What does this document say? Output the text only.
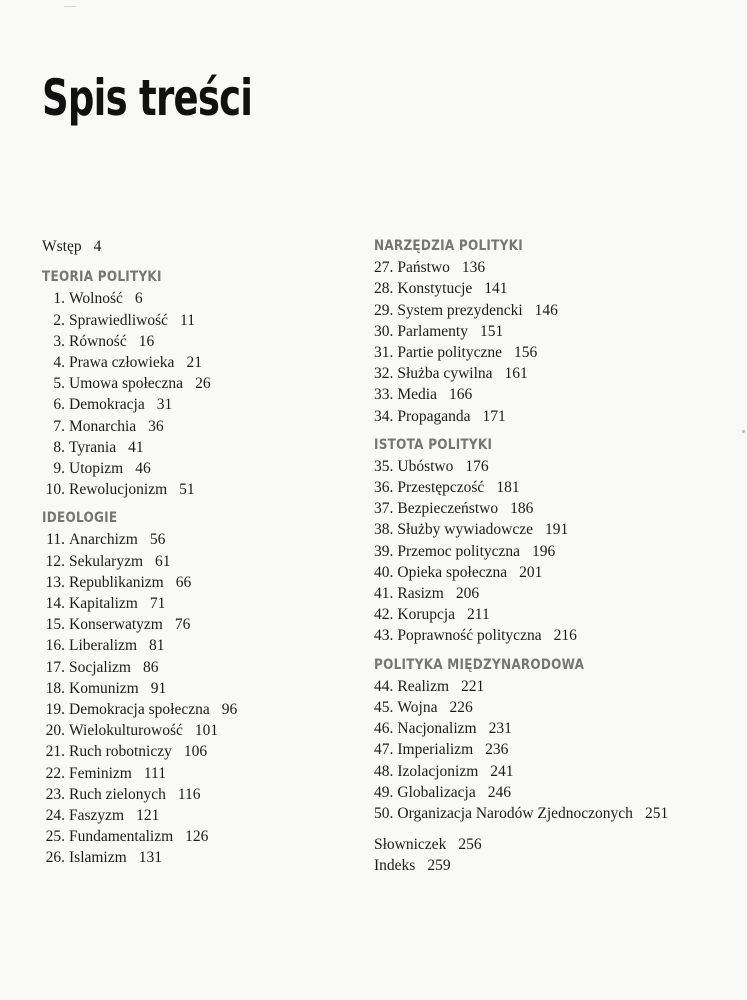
Spis treści
Wstęp 4
TEORIA POLITYKI
1. Wolność 6
2. Sprawiedliwość 11
3. Równość 16
4. Prawa człowieka 21
5. Umowa społeczna 26
6. Demokracja 31
7. Monarchia 36
8. Tyrania 41
9. Utopizm 46
10. Rewolucjonizm 51
IDEOLOGIE
11. Anarchizm 56
12. Sekularyzm 61
13. Republikanizm 66
14. Kapitalizm 71
15. Konserwatyzm 76
16. Liberalizm 81
17. Socjalizm 86
18. Komunizm 91
19. Demokracja społeczna 96
20. Wielokulturowość 101
21. Ruch robotniczy 106
22. Feminizm 111
23. Ruch zielonych 116
24. Faszyzm 121
25. Fundamentalizm 126
26. Islamizm 131
NARZĘDZIA POLITYKI
27. Państwo 136
28. Konstytucje 141
29. System prezydencki 146
30. Parlamenty 151
31. Partie polityczne 156
32. Służba cywilna 161
33. Media 166
34. Propaganda 171
ISTOTA POLITYKI
35. Ubóstwo 176
36. Przestępczość 181
37. Bezpieczeństwo 186
38. Służby wywiadowcze 191
39. Przemoc polityczna 196
40. Opieka społeczna 201
41. Rasizm 206
42. Korupcja 211
43. Poprawność polityczna 216
POLITYKA MIĘDZYNARODOWA
44. Realizm 221
45. Wojna 226
46. Nacjonalizm 231
47. Imperializm 236
48. Izolacjonizm 241
49. Globalizacja 246
50. Organizacja Narodów Zjednoczonych 251
Słowniczek 256
Indeks 259
